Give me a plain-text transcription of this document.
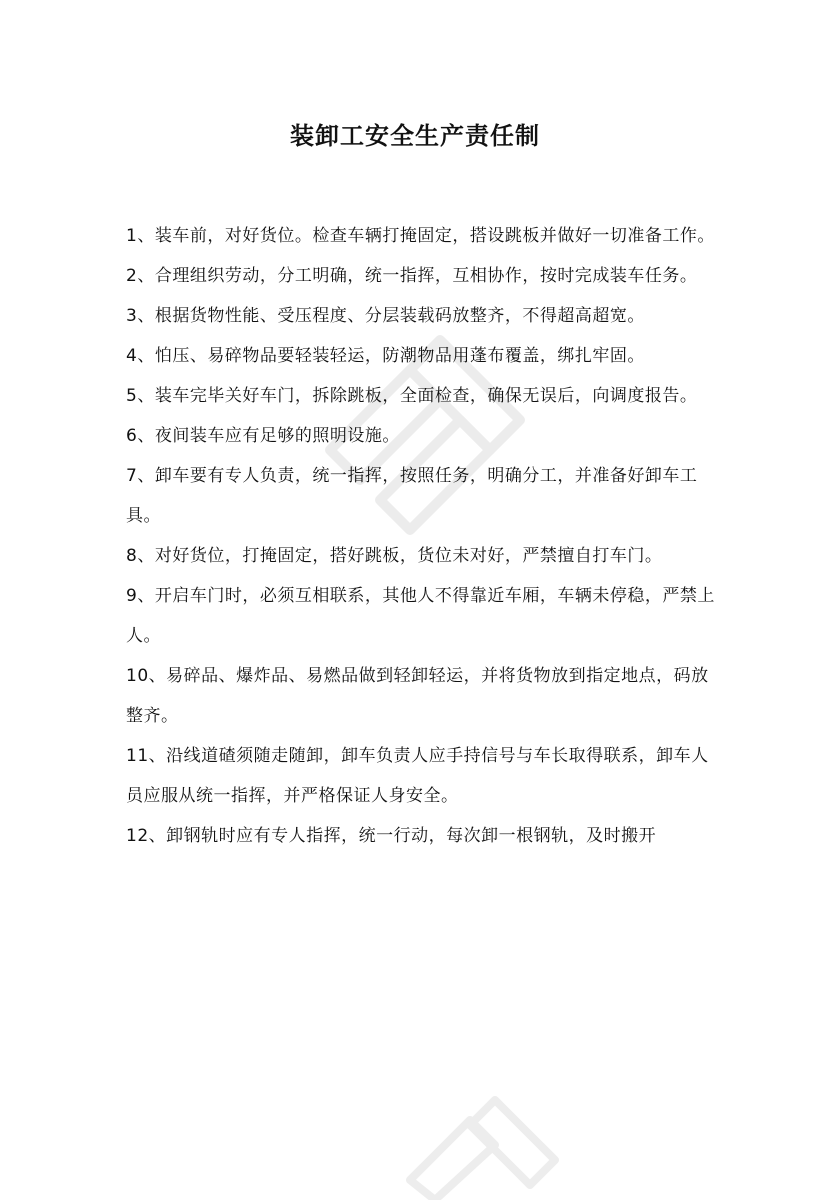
装卸工安全生产责任制

1、装车前，对好货位。检查车辆打掩固定，搭设跳板并做好一切准备工作。

2、合理组织劳动，分工明确，统一指挥，互相协作，按时完成装车任务。

3、根据货物性能、受压程度、分层装载码放整齐，不得超高超宽。

4、怕压、易碎物品要轻装轻运，防潮物品用蓬布覆盖，绑扎牢固。

5、装车完毕关好车门，拆除跳板，全面检查，确保无误后，向调度报告。

6、夜间装车应有足够的照明设施。

7、卸车要有专人负责，统一指挥，按照任务，明确分工，并准备好卸车工具。

8、对好货位，打掩固定，搭好跳板，货位未对好，严禁擅自打车门。

9、开启车门时，必须互相联系，其他人不得靠近车厢，车辆未停稳，严禁上人。

10、易碎品、爆炸品、易燃品做到轻卸轻运，并将货物放到指定地点，码放整齐。

11、沿线道碴须随走随卸，卸车负责人应手持信号与车长取得联系，卸车人员应服从统一指挥，并严格保证人身安全。

12、卸钢轨时应有专人指挥，统一行动，每次卸一根钢轨，及时搬开
